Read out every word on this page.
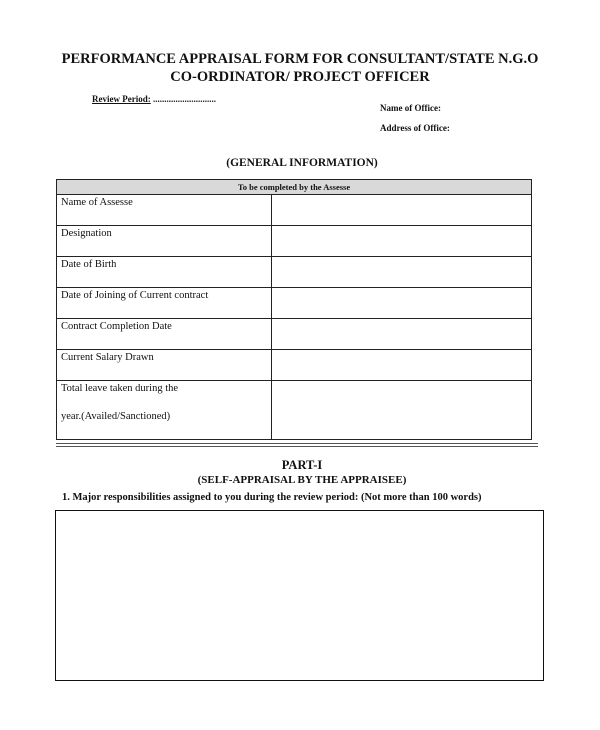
PERFORMANCE APPRAISAL FORM FOR CONSULTANT/STATE N.G.O
CO-ORDINATOR/ PROJECT OFFICER
Review Period: ............................
Name of Office:
Address of Office:
(GENERAL INFORMATION)
To be completed by the Assesse	
Name of Assesse	
Designation	
Date of Birth	
Date of Joining of Current contract	
Contract Completion Date	
Current Salary Drawn	
Total leave taken during the
year.(Availed/Sanctioned)	

PART-I
(SELF-APPRAISAL BY THE APPRAISEE)
1. Major responsibilities assigned to you during the review period: (Not more than 100 words)
